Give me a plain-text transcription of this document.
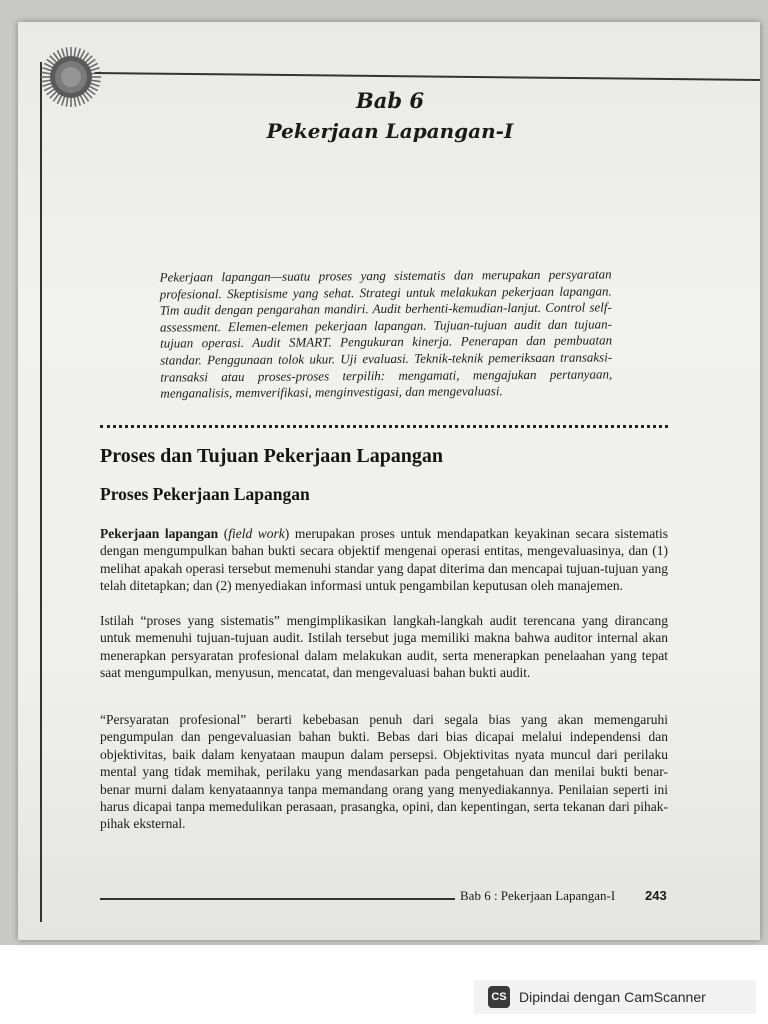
Bab 6

Pekerjaan Lapangan-I

Pekerjaan lapangan—suatu proses yang sistematis dan merupakan persyaratan profesional. Skeptisisme yang sehat. Strategi untuk melakukan pekerjaan lapangan. Tim audit dengan pengarahan mandiri. Audit berhenti-kemudian-lanjut. Control self-assessment. Elemen-elemen pekerjaan lapangan. Tujuan-tujuan audit dan tujuan-tujuan operasi. Audit SMART. Pengukuran kinerja. Penerapan dan pembuatan standar. Penggunaan tolok ukur. Uji evaluasi. Teknik-teknik pemeriksaan transaksi-transaksi atau proses-proses terpilih: mengamati, mengajukan pertanyaan, menganalisis, memverifikasi, menginvestigasi, dan mengevaluasi.
Proses dan Tujuan Pekerjaan Lapangan
Proses Pekerjaan Lapangan
Pekerjaan lapangan (field work) merupakan proses untuk mendapatkan keyakinan secara sistematis dengan mengumpulkan bahan bukti secara objektif mengenai operasi entitas, mengevaluasinya, dan (1) melihat apakah operasi tersebut memenuhi standar yang dapat diterima dan mencapai tujuan-tujuan yang telah ditetapkan; dan (2) menyediakan informasi untuk pengambilan keputusan oleh manajemen.
Istilah “proses yang sistematis” mengimplikasikan langkah-langkah audit terencana yang dirancang untuk memenuhi tujuan-tujuan audit. Istilah tersebut juga memiliki makna bahwa auditor internal akan menerapkan persyaratan profesional dalam melakukan audit, serta menerapkan penelaahan yang tepat saat mengumpulkan, menyusun, mencatat, dan mengevaluasi bahan bukti audit.
“Persyaratan profesional” berarti kebebasan penuh dari segala bias yang akan memengaruhi pengumpulan dan pengevaluasian bahan bukti. Bebas dari bias dicapai melalui independensi dan objektivitas, baik dalam kenyataan maupun dalam persepsi. Objektivitas nyata muncul dari perilaku mental yang tidak memihak, perilaku yang mendasarkan pada pengetahuan dan menilai bukti benar-benar murni dalam kenyataannya tanpa memandang orang yang menyediakannya. Penilaian seperti ini harus dicapai tanpa memedulikan perasaan, prasangka, opini, dan kepentingan, serta tekanan dari pihak-pihak eksternal.
Bab 6 : Pekerjaan Lapangan-I 243
CS Dipindai dengan CamScanner
